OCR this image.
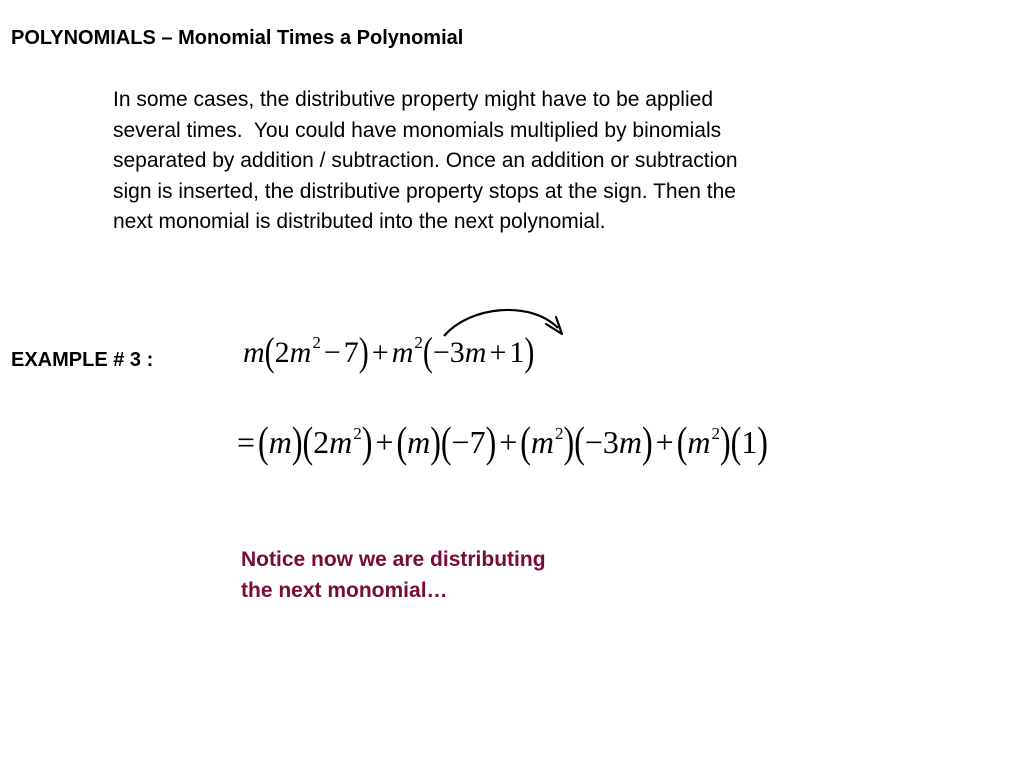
POLYNOMIALS – Monomial Times a Polynomial
In some cases, the distributive property might have to be applied
several times.  You could have monomials multiplied by binomials
separated by addition / subtraction. Once an addition or subtraction
sign is inserted, the distributive property stops at the sign. Then the
next monomial is distributed into the next polynomial.
EXAMPLE # 3 :	$m(2m^2 - 7) + m^2(-3m + 1)$
$=(m)(2m^2)+(m)(-7)+(m^2)(-3m)+(m^2)(1)$
Notice now we are distributing
the next monomial…
